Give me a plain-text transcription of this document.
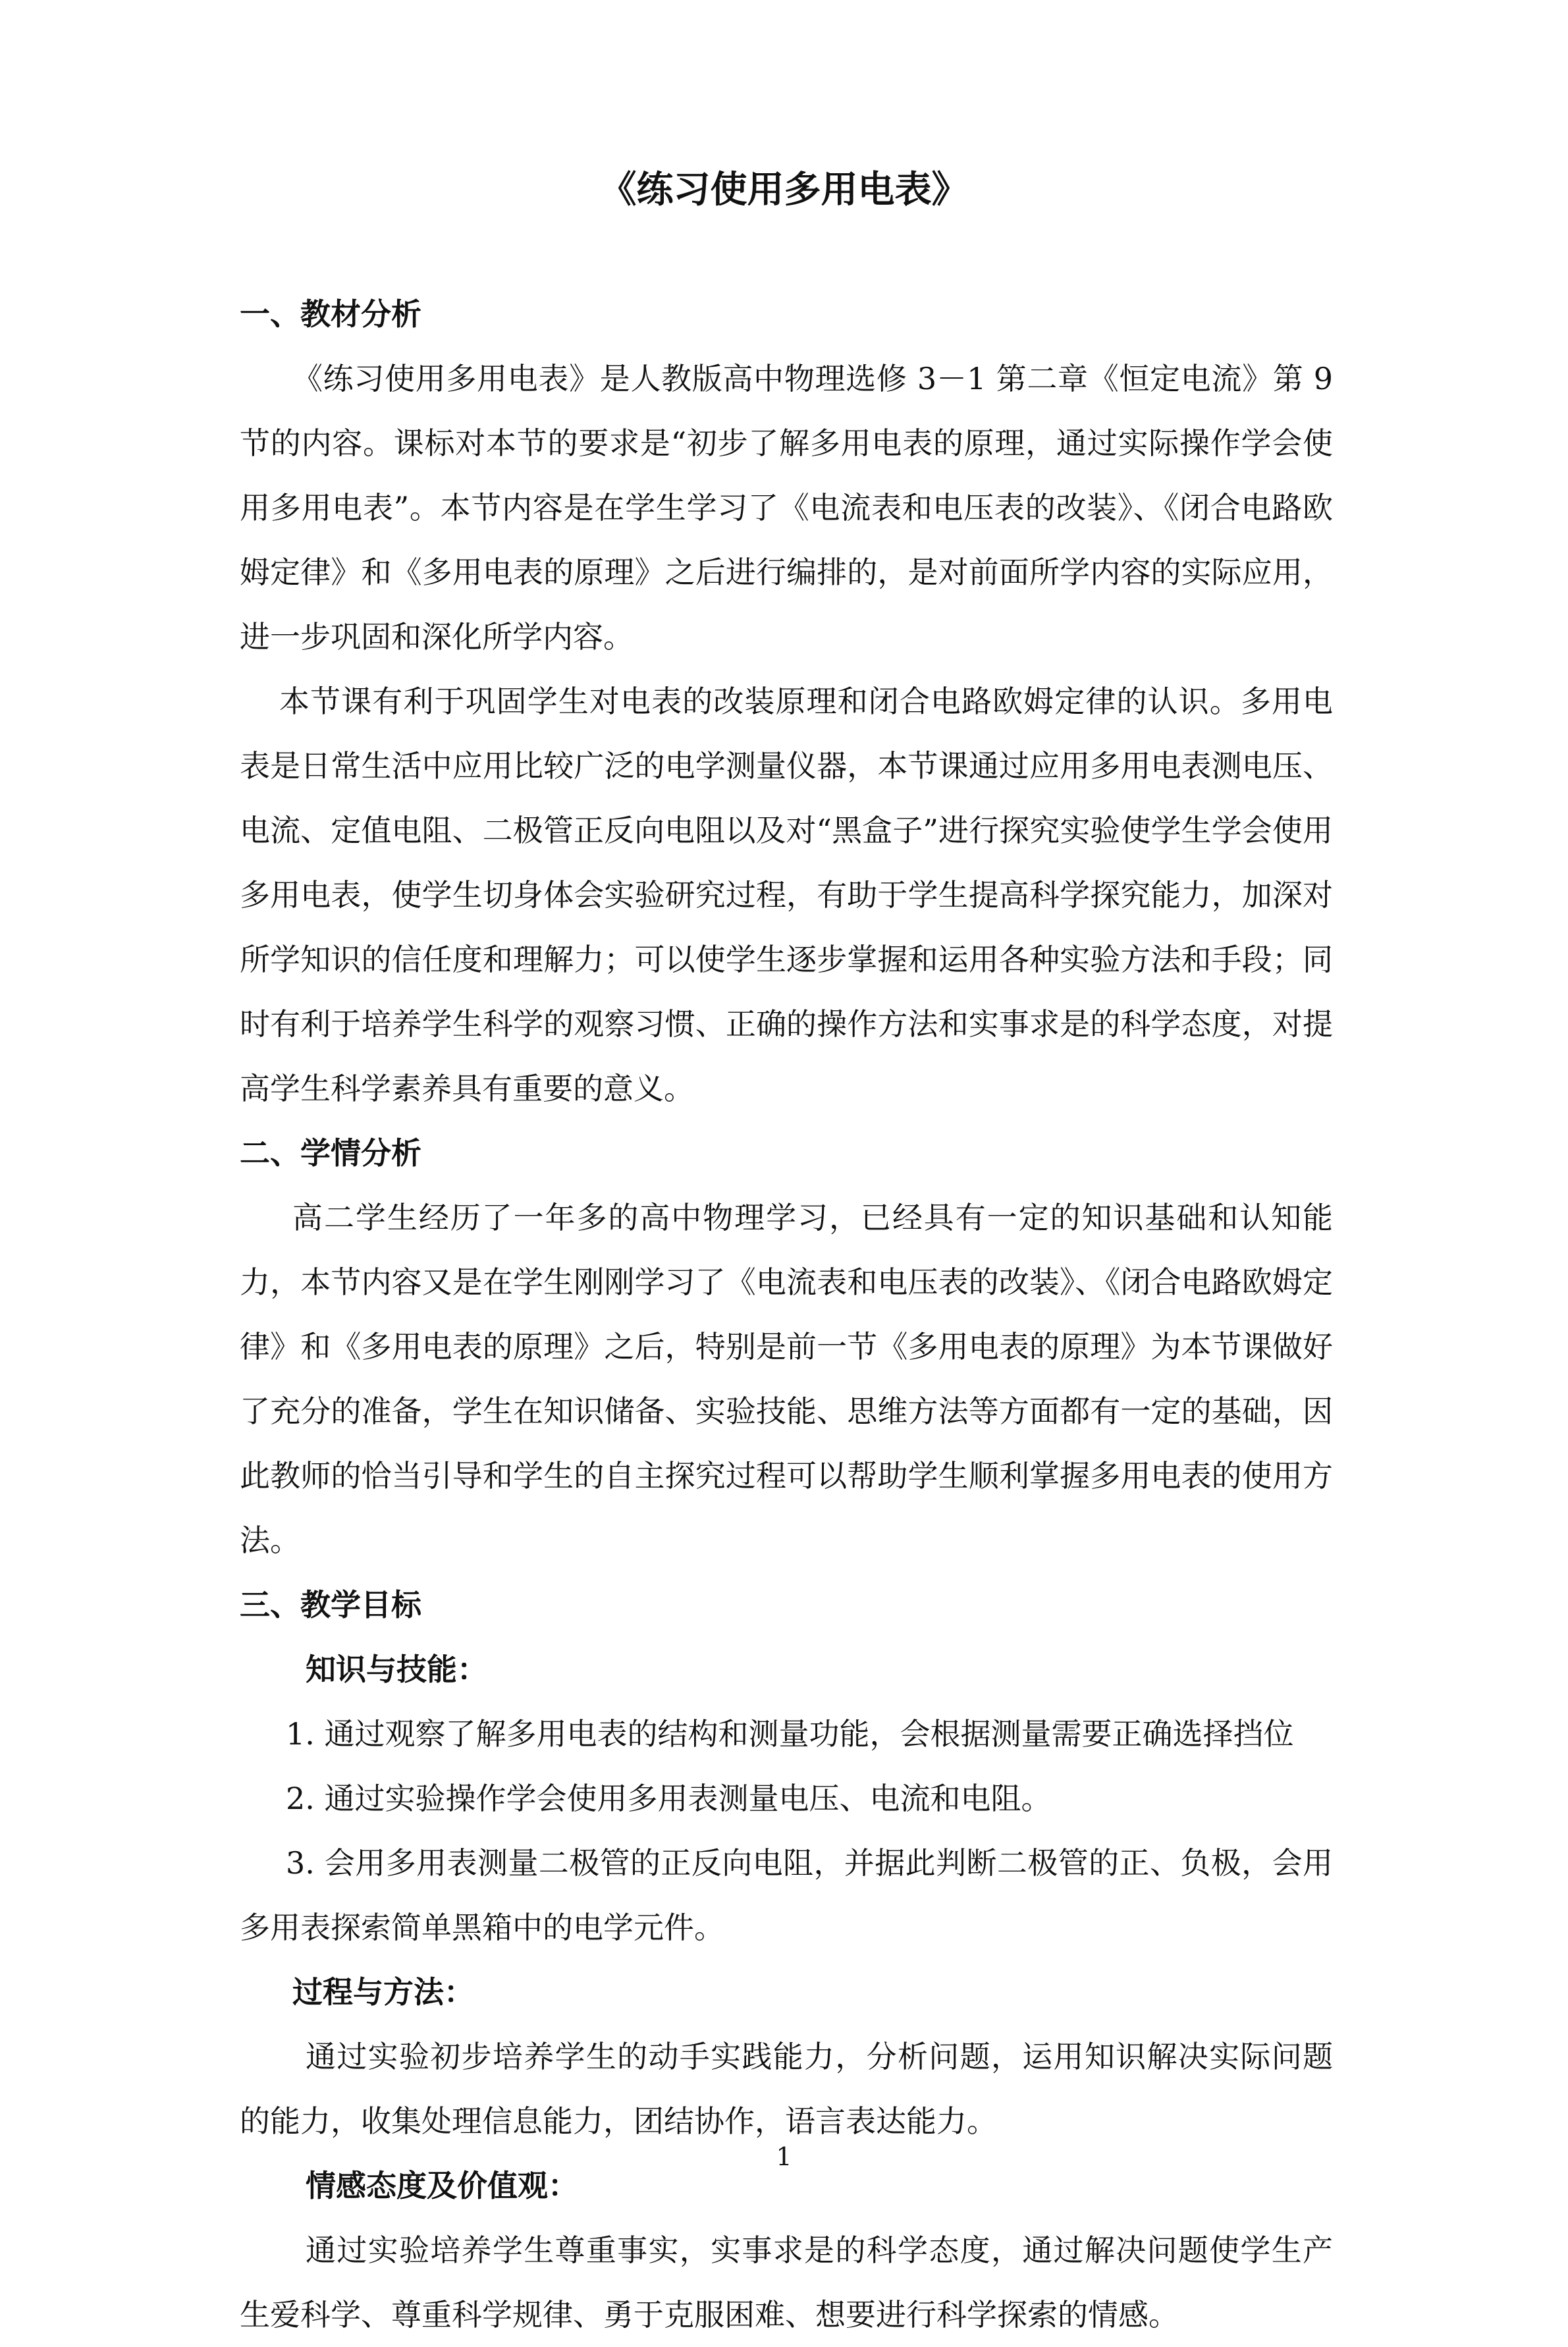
《练习使用多用电表》

一、教材分析

《练习使用多用电表》是人教版高中物理选修 3－1 第二章《恒定电流》第 9 节的内容。课标对本节的要求是“初步了解多用电表的原理，通过实际操作学会使用多用电表”。本节内容是在学生学习了《电流表和电压表的改装》、《闭合电路欧姆定律》和《多用电表的原理》之后进行编排的，是对前面所学内容的实际应用，进一步巩固和深化所学内容。

本节课有利于巩固学生对电表的改装原理和闭合电路欧姆定律的认识。多用电表是日常生活中应用比较广泛的电学测量仪器，本节课通过应用多用电表测电压、电流、定值电阻、二极管正反向电阻以及对“黑盒子”进行探究实验使学生学会使用多用电表，使学生切身体会实验研究过程，有助于学生提高科学探究能力，加深对所学知识的信任度和理解力；可以使学生逐步掌握和运用各种实验方法和手段；同时有利于培养学生科学的观察习惯、正确的操作方法和实事求是的科学态度，对提高学生科学素养具有重要的意义。

二、学情分析

高二学生经历了一年多的高中物理学习，已经具有一定的知识基础和认知能力，本节内容又是在学生刚刚学习了《电流表和电压表的改装》、《闭合电路欧姆定律》和《多用电表的原理》之后，特别是前一节《多用电表的原理》为本节课做好了充分的准备，学生在知识储备、实验技能、思维方法等方面都有一定的基础，因此教师的恰当引导和学生的自主探究过程可以帮助学生顺利掌握多用电表的使用方法。

三、教学目标

知识与技能：

1. 通过观察了解多用电表的结构和测量功能，会根据测量需要正确选择挡位

2. 通过实验操作学会使用多用表测量电压、电流和电阻。

3. 会用多用表测量二极管的正反向电阻，并据此判断二极管的正、负极，会用多用表探索简单黑箱中的电学元件。

过程与方法：

通过实验初步培养学生的动手实践能力，分析问题，运用知识解决实际问题的能力，收集处理信息能力，团结协作，语言表达能力。

情感态度及价值观：

通过实验培养学生尊重事实，实事求是的科学态度，通过解决问题使学生产生爱科学、尊重科学规律、勇于克服困难、想要进行科学探索的情感。

1
